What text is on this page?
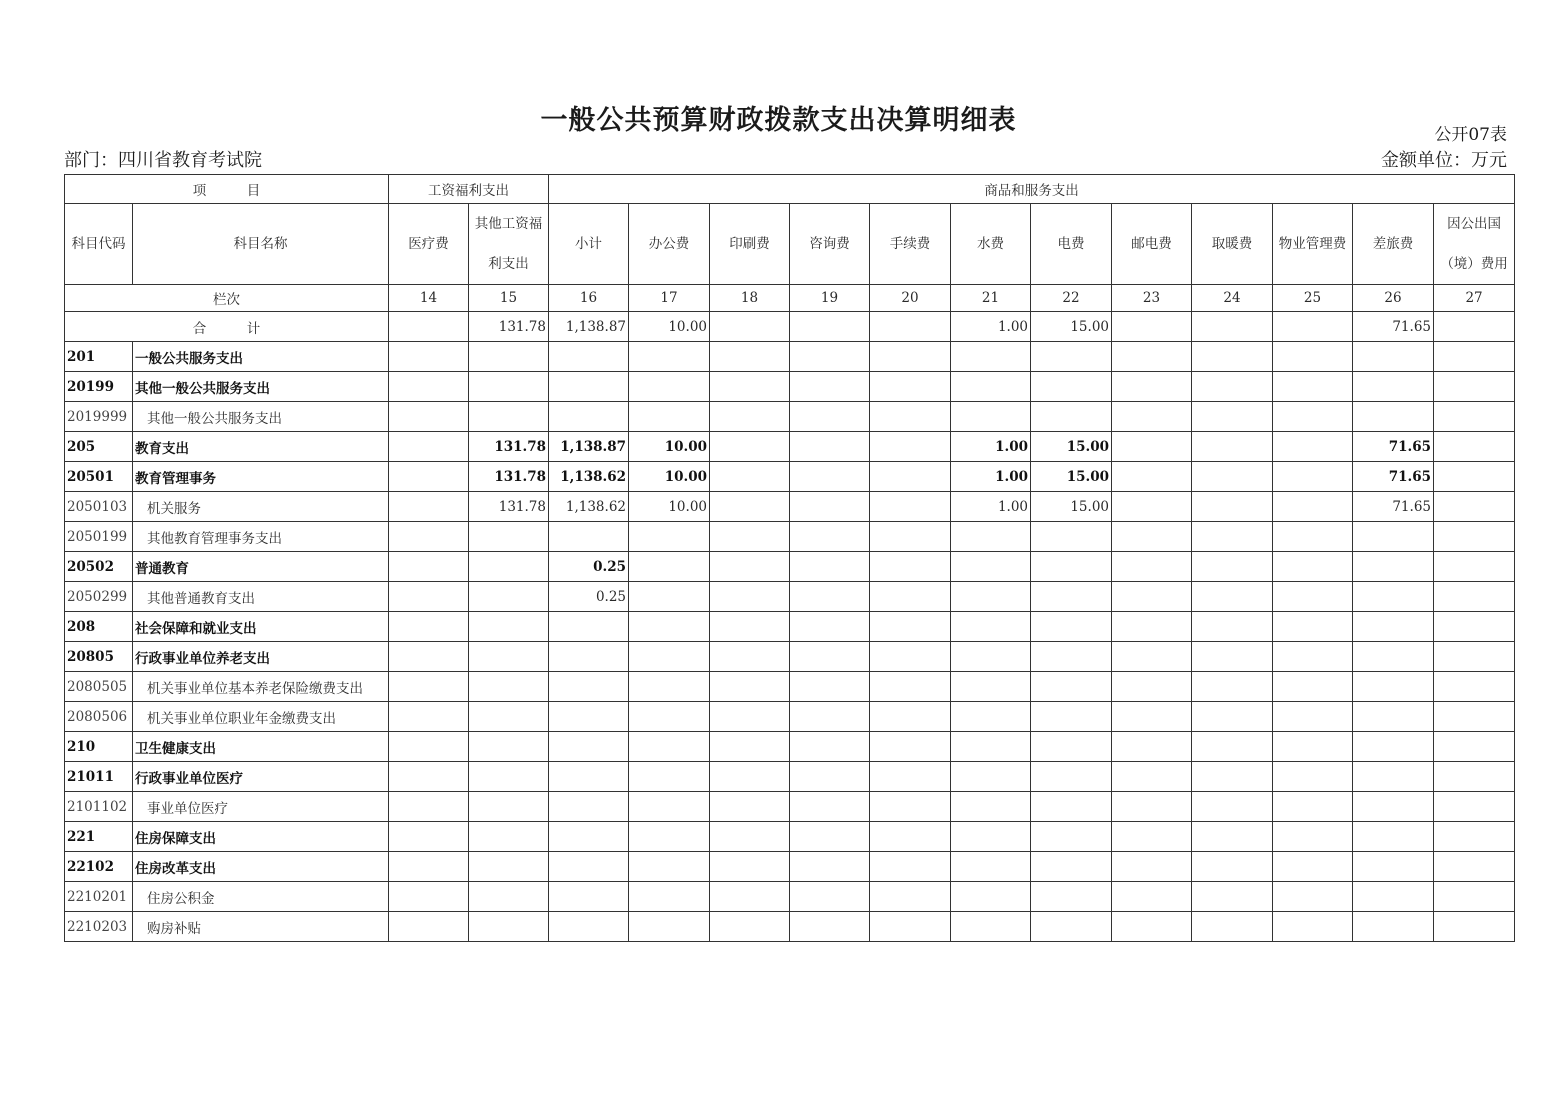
一般公共预算财政拨款支出决算明细表	公开07表
部门：四川省教育考试院	金额单位：万元
项　　　目		工资福利支出		商品和服务支出											
科目代码	科目名称	医疗费	其他工资福利支出	小计	办公费	印刷费	咨询费	手续费	水费	电费	邮电费	取暖费	物业管理费	差旅费	因公出国（境）费用
栏次		14	15	16	17	18	19	20	21	22	23	24	25	26	27
合　　　计			131.78	1,138.87	10.00				1.00	15.00				71.65	
201	一般公共服务支出														
20199	其他一般公共服务支出														
2019999	其他一般公共服务支出														
205	教育支出		131.78	1,138.87	10.00				1.00	15.00				71.65	
20501	教育管理事务		131.78	1,138.62	10.00				1.00	15.00				71.65	
2050103	机关服务		131.78	1,138.62	10.00				1.00	15.00				71.65	
2050199	其他教育管理事务支出														
20502	普通教育			0.25											
2050299	其他普通教育支出			0.25											
208	社会保障和就业支出														
20805	行政事业单位养老支出														
2080505	机关事业单位基本养老保险缴费支出														
2080506	机关事业单位职业年金缴费支出														
210	卫生健康支出														
21011	行政事业单位医疗														
2101102	事业单位医疗														
221	住房保障支出														
22102	住房改革支出														
2210201	住房公积金														
2210203	购房补贴														
